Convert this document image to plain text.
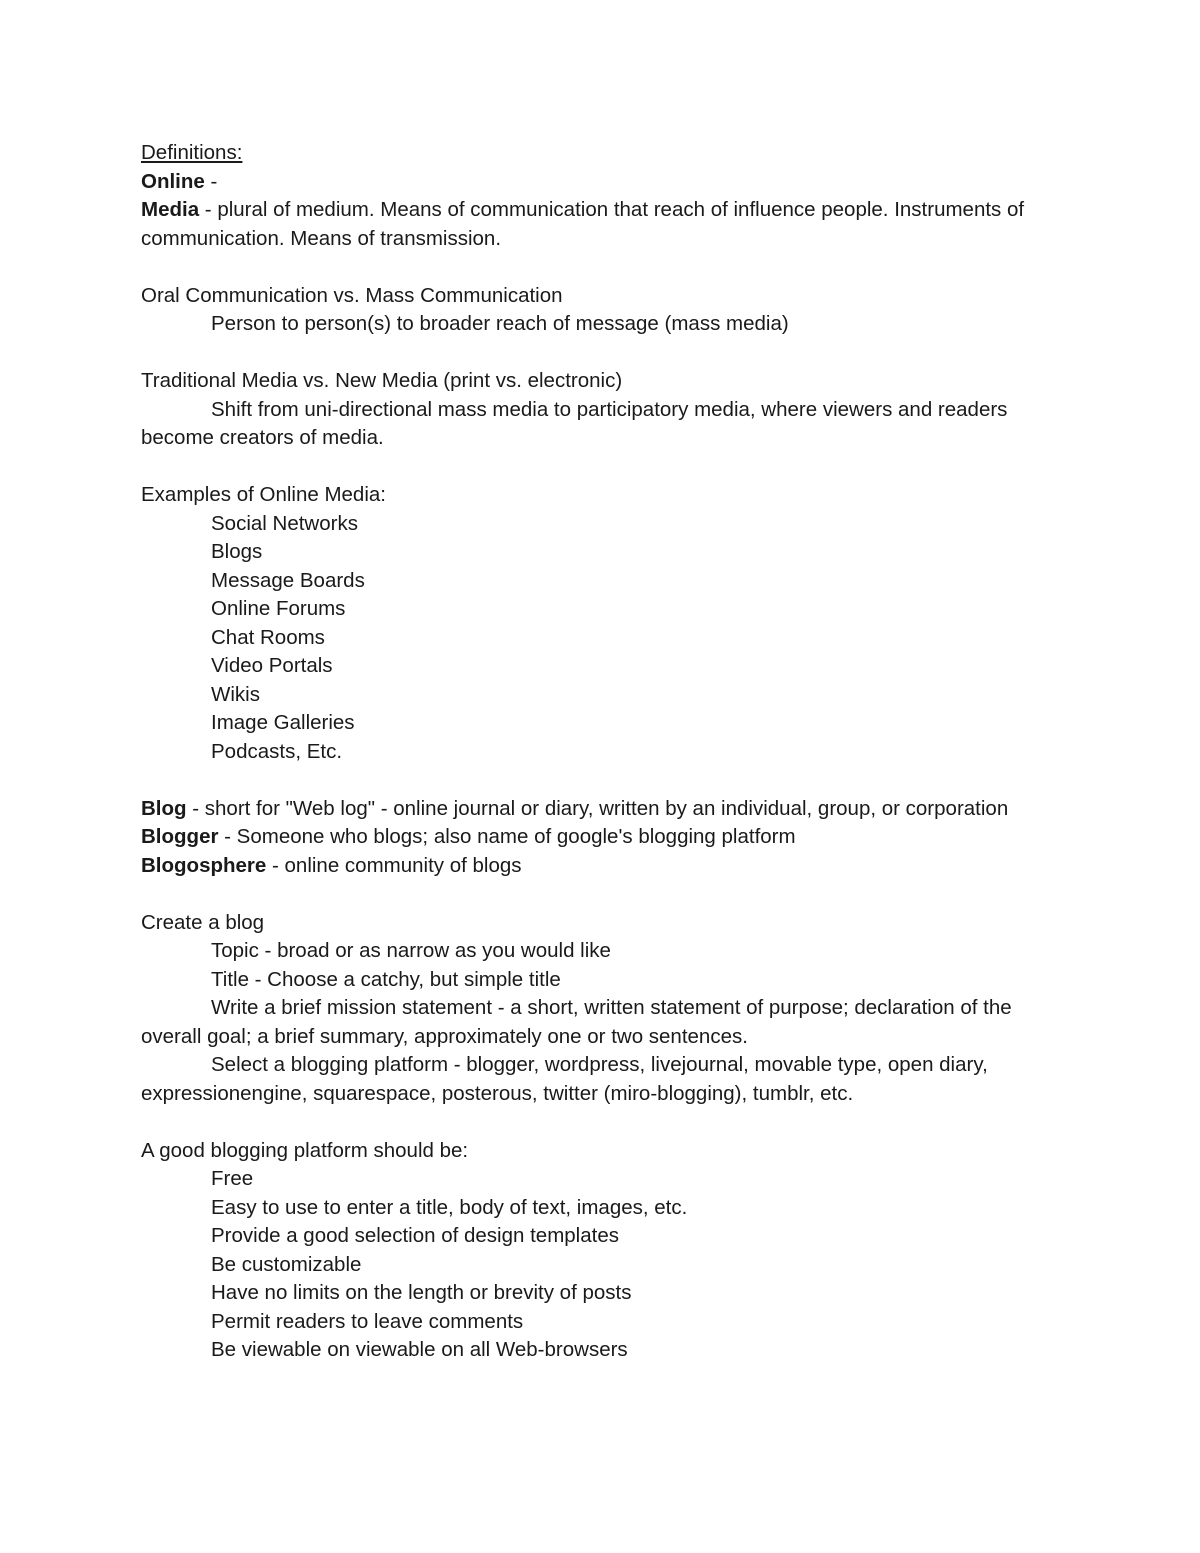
Definitions:
Online -
Media - plural of medium. Means of communication that reach of influence people. Instruments of communication. Means of transmission.
Oral Communication vs. Mass Communication
Person to person(s) to broader reach of message (mass media)
Traditional Media vs. New Media (print vs. electronic)
Shift from uni-directional mass media to participatory media, where viewers and readers become creators of media.
Examples of Online Media:
Social Networks
Blogs
Message Boards
Online Forums
Chat Rooms
Video Portals
Wikis
Image Galleries
Podcasts, Etc.
Blog - short for "Web log" - online journal or diary, written by an individual, group, or corporation
Blogger - Someone who blogs; also name of google's blogging platform
Blogosphere - online community of blogs
Create a blog
Topic - broad or as narrow as you would like
Title - Choose a catchy, but simple title
Write a brief mission statement - a short, written statement of purpose; declaration of the overall goal; a brief summary, approximately one or two sentences.
Select a blogging platform - blogger, wordpress, livejournal, movable type, open diary, expressionengine, squarespace, posterous, twitter (miro-blogging), tumblr, etc.
A good blogging platform should be:
Free
Easy to use to enter a title, body of text, images, etc.
Provide a good selection of design templates
Be customizable
Have no limits on the length or brevity of posts
Permit readers to leave comments
Be viewable on viewable on all Web-browsers
